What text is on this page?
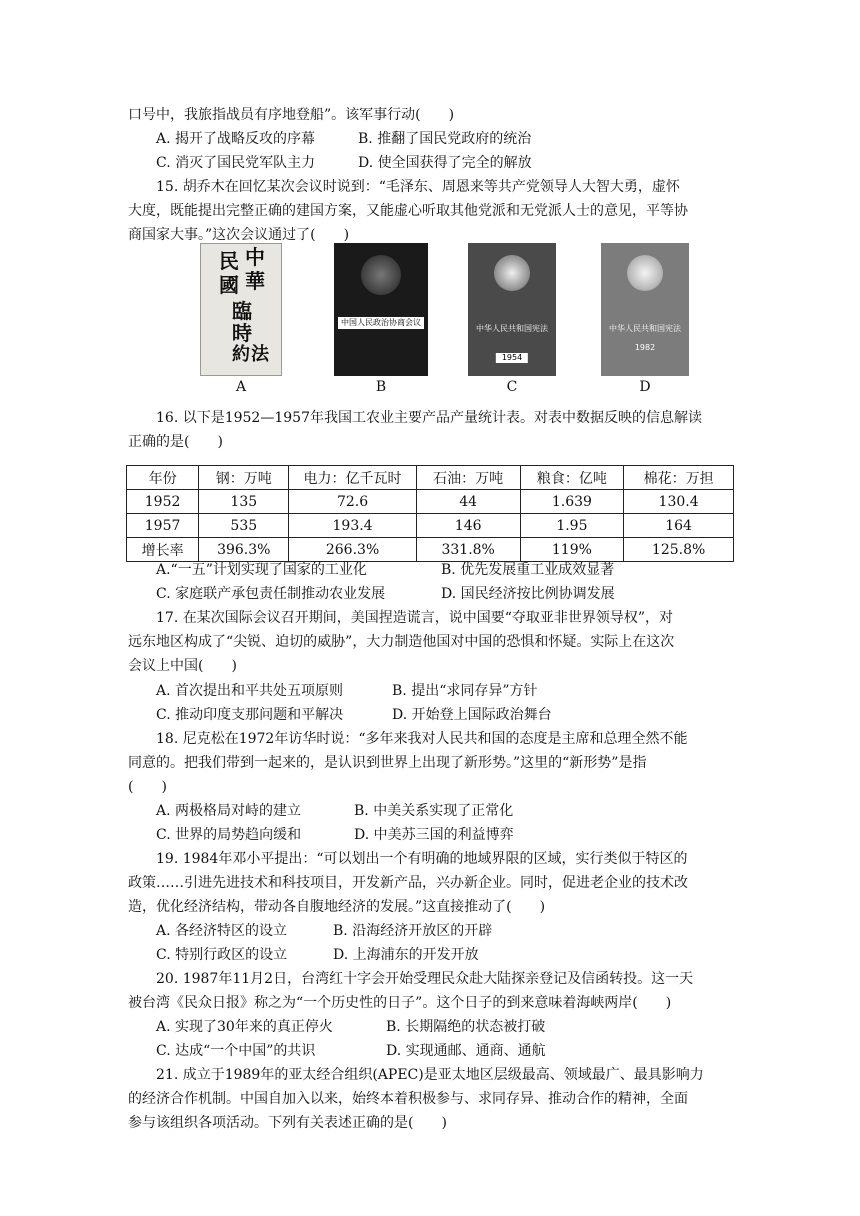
口号中，我旅指战员有序地登船”。该军事行动(　　)
A. 揭开了战略反攻的序幕	B. 推翻了国民党政府的统治
C. 消灭了国民党军队主力	D. 使全国获得了完全的解放
15. 胡乔木在回忆某次会议时说到：“毛泽东、周恩来等共产党领导人大智大勇，虚怀
大度，既能提出完整正确的建国方案，又能虚心听取其他党派和无党派人士的意见，平等协
商国家大事。”这次会议通过了(　　)
中
華
民
國
臨
時
約 法
A
中国人民政治协商会议
B
中华人民共和国宪法
1954
C
中华人民共和国宪法
1982
D
16. 以下是1952—1957年我国工农业主要产品产量统计表。对表中数据反映的信息解读
正确的是(　　)
年份	钢：万吨	电力：亿千瓦时	石油：万吨	粮食：亿吨	棉花：万担
1952	135	72.6	44	1.639	130.4
1957	535	193.4	146	1.95	164
增长率	396.3%	266.3%	331.8%	119%	125.8%
A.“一五”计划实现了国家的工业化	B. 优先发展重工业成效显著
C. 家庭联产承包责任制推动农业发展	D. 国民经济按比例协调发展
17. 在某次国际会议召开期间，美国捏造谎言，说中国要“夺取亚非世界领导权”，对
远东地区构成了“尖锐、迫切的威胁”，大力制造他国对中国的恐惧和怀疑。实际上在这次
会议上中国(　　)
A. 首次提出和平共处五项原则	B. 提出“求同存异”方针
C. 推动印度支那问题和平解决	D. 开始登上国际政治舞台
18. 尼克松在1972年访华时说：“多年来我对人民共和国的态度是主席和总理全然不能
同意的。把我们带到一起来的，是认识到世界上出现了新形势。”这里的“新形势”是指
(　　)
A. 两极格局对峙的建立	B. 中美关系实现了正常化
C. 世界的局势趋向缓和	D. 中美苏三国的利益博弈
19. 1984年邓小平提出：“可以划出一个有明确的地域界限的区域，实行类似于特区的
政策……引进先进技术和科技项目，开发新产品，兴办新企业。同时，促进老企业的技术改
造，优化经济结构，带动各自腹地经济的发展。”这直接推动了(　　)
A. 各经济特区的设立	B. 沿海经济开放区的开辟
C. 特别行政区的设立	D. 上海浦东的开发开放
20. 1987年11月2日，台湾红十字会开始受理民众赴大陆探亲登记及信函转投。这一天
被台湾《民众日报》称之为“一个历史性的日子”。这个日子的到来意味着海峡两岸(　　)
A. 实现了30年来的真正停火	B. 长期隔绝的状态被打破
C. 达成“一个中国”的共识	D. 实现通邮、通商、通航
21. 成立于1989年的亚太经合组织(APEC)是亚太地区层级最高、领域最广、最具影响力
的经济合作机制。中国自加入以来，始终本着积极参与、求同存异、推动合作的精神，全面
参与该组织各项活动。下列有关表述正确的是(　　)
